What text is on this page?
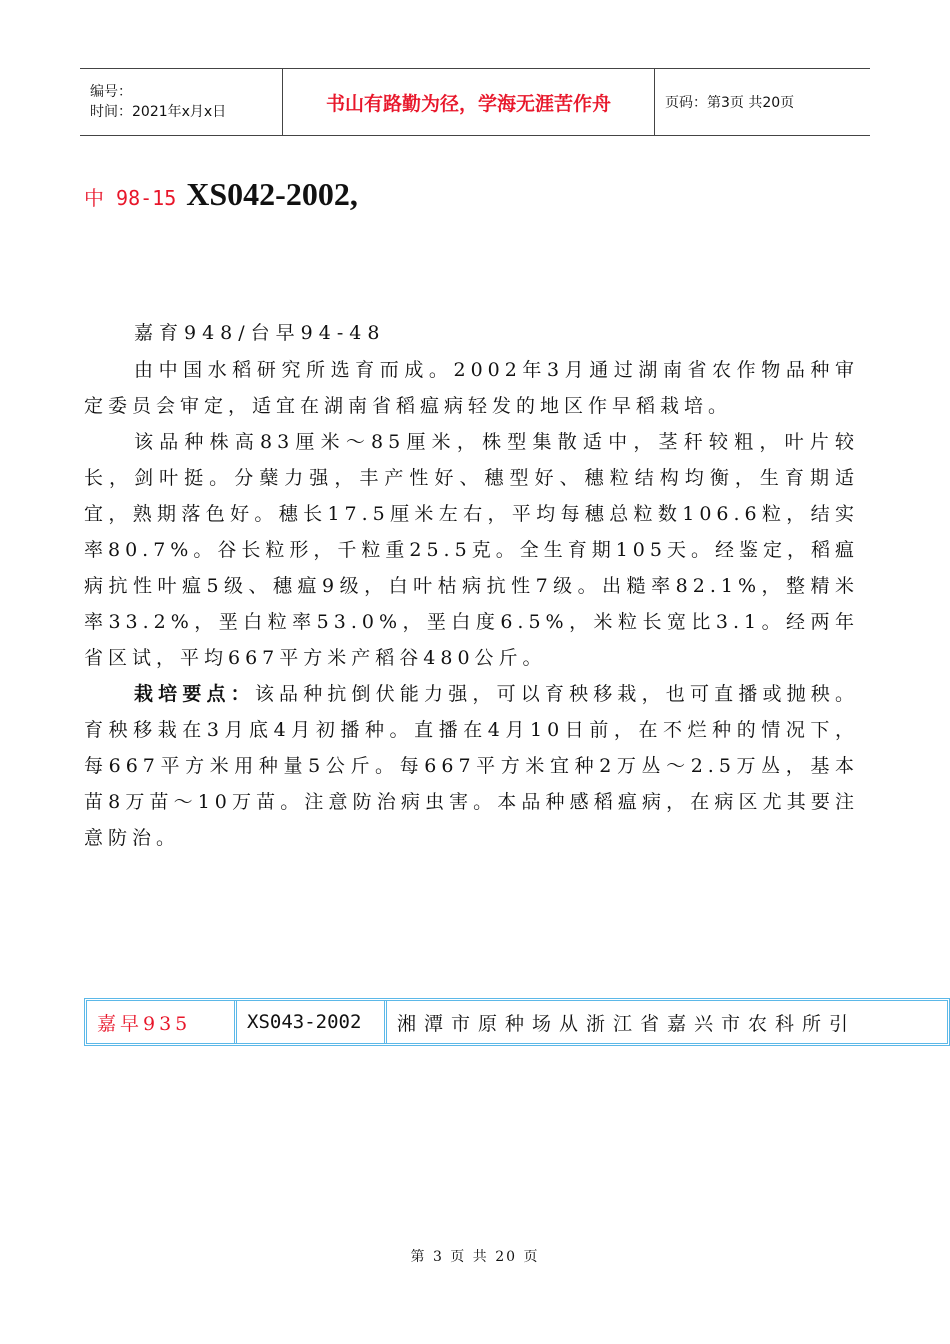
编号：
时间：2021年x月x日	书山有路勤为径，学海无涯苦作舟	页码：第3页 共20页
中 98-15 XS042-2002,
嘉育948/台早94-48

由中国水稻研究所选育而成。2002年3月通过湖南省农作物品种审定委员会审定，适宜在湖南省稻瘟病轻发的地区作早稻栽培。

该品种株高83厘米～85厘米，株型集散适中，茎秆较粗，叶片较长，剑叶挺。分蘖力强，丰产性好、穗型好、穗粒结构均衡，生育期适宜，熟期落色好。穗长17.5厘米左右，平均每穗总粒数106.6粒，结实率80.7%。谷长粒形，千粒重25.5克。全生育期105天。经鉴定，稻瘟病抗性叶瘟5级、穗瘟9级，白叶枯病抗性7级。出糙率82.1%，整精米率33.2%，垩白粒率53.0%，垩白度6.5%，米粒长宽比3.1。经两年省区试，平均667平方米产稻谷480公斤。

栽培要点：该品种抗倒伏能力强，可以育秧移栽，也可直播或抛秧。育秧移栽在3月底4月初播种。直播在4月10日前，在不烂种的情况下，每667平方米用种量5公斤。每667平方米宜种2万丛～2.5万丛，基本苗8万苗～10万苗。注意防治病虫害。本品种感稻瘟病，在病区尤其要注意防治。

嘉早935	XS043-2002	湘潭市原种场从浙江省嘉兴市农科所引
第 3 页 共 20 页
